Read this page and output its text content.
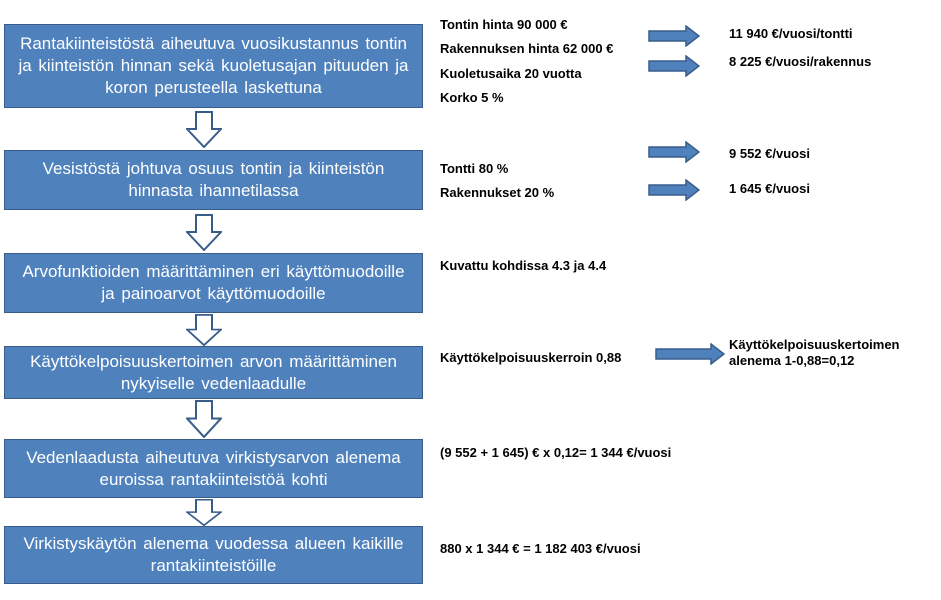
Rantakiinteistöstä aiheutuva vuosikustannus tontin ja kiinteistön hinnan sekä kuoletusajan pituuden ja koron perusteella laskettuna
Vesistöstä johtuva osuus tontin ja kiinteistön hinnasta ihannetilassa
Arvofunktioiden määrittäminen eri käyttömuodoille ja painoarvot käyttömuodoille
Käyttökelpoisuuskertoimen arvon määrittäminen nykyiselle vedenlaadulle
Vedenlaadusta aiheutuva virkistysarvon alenema euroissa rantakiinteistöä kohti
Virkistyskäytön alenema vuodessa alueen kaikille rantakiinteistöille
Tontin hinta 90 000 €
Rakennuksen hinta 62 000 €
Kuoletusaika 20 vuotta
Korko 5 %
Tontti 80 %
Rakennukset 20 %
Kuvattu kohdissa 4.3 ja 4.4
Käyttökelpoisuuskerroin 0,88
(9 552 + 1 645) € x 0,12= 1 344 €/vuosi
880 x 1 344 € = 1 182 403 €/vuosi
11 940 €/vuosi/tontti
8 225 €/vuosi/rakennus
9 552 €/vuosi
1 645 €/vuosi
Käyttökelpoisuuskertoimen
alenema 1-0,88=0,12
